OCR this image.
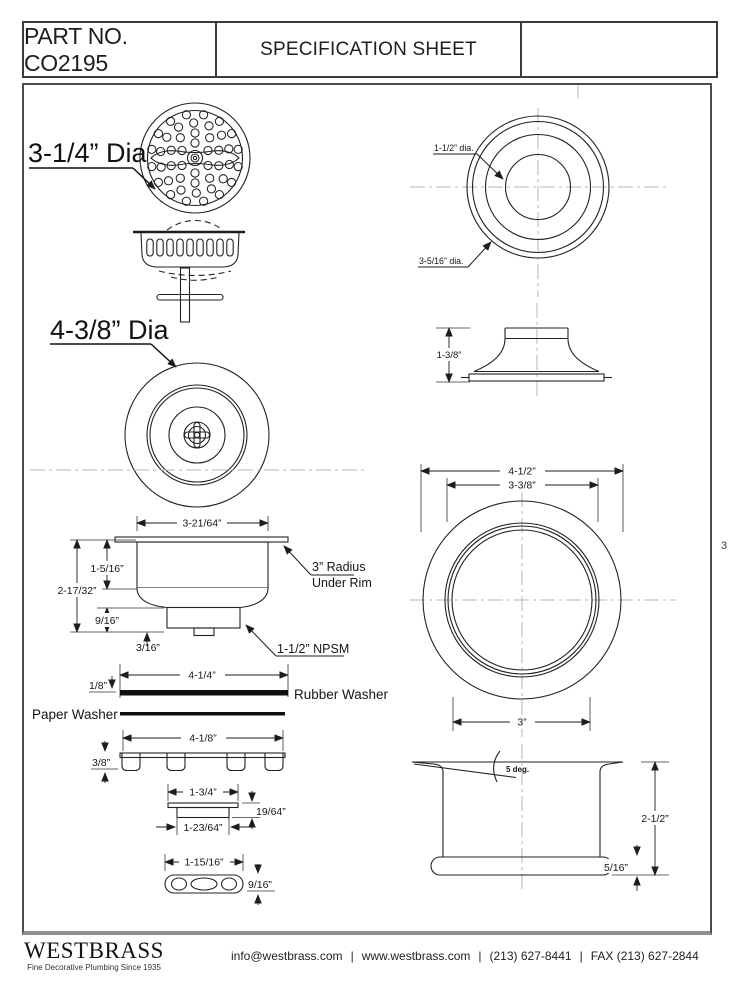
PART NO. CO2195
SPECIFICATION SHEET
3-1/4” Dia
4-3/8” Dia
3-21/64”
1-5/16”
2-17/32”
9/16”
3/16”
3” Radius
Under Rim
1-1/2” NPSM
4-1/4”
1/8”
Rubber Washer
Paper Washer
4-1/8”
3/8”
1-3/4”
19/64”
1-23/64”
1-15/16”
9/16”
1-1/2” dia.
3-5/16” dia.
1-3/8”
4-1/2”
3-3/8”
3”
5 deg.
2-1/2”
5/16”
3
WESTBRASS
Fine Decorative Plumbing Since 1935
info@westbrass.com | www.westbrass.com | (213) 627-8441 | FAX (213) 627-2844
